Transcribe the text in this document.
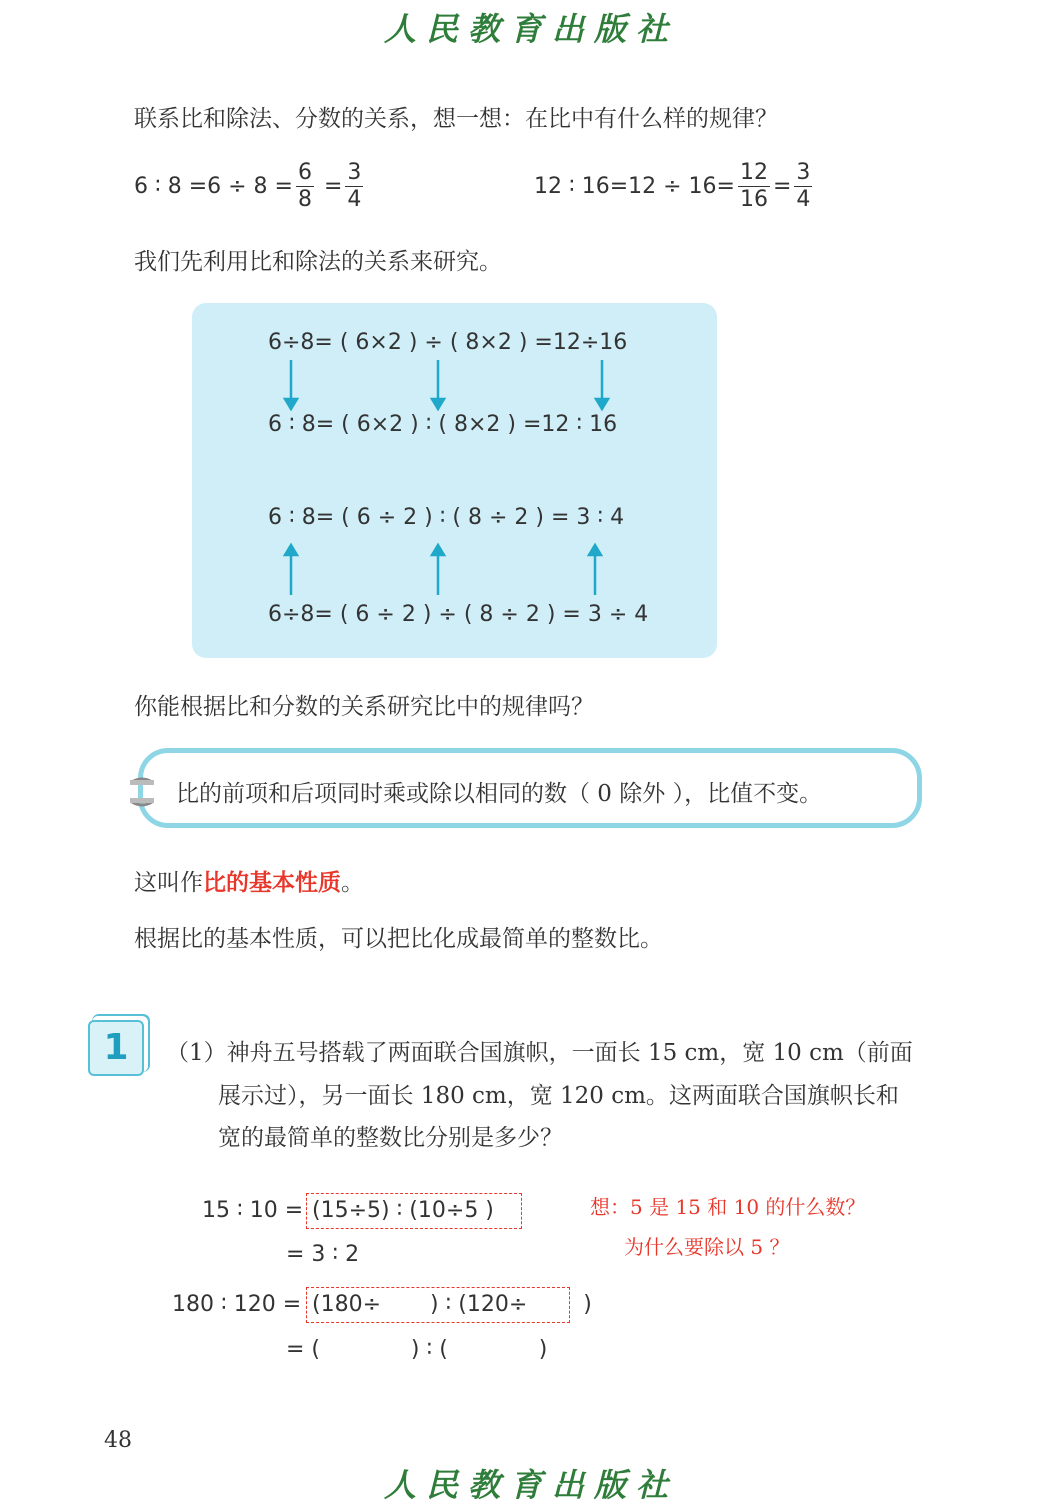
人民教育出版社
联系比和除法、分数的关系，想一想：在比中有什么样的规律？
6 ∶ $8 =6 \div 8 = \frac{6}{8} = \frac{3}{4}$	12 ∶ $16=12 \div 16= \frac{12}{16} = \frac{3}{4}$
我们先利用比和除法的关系来研究。
6÷8= ( 6×2 ) ÷ ( 8×2 ) =12÷16
6 ∶ 8= ( 6×2 ) ∶ ( 8×2 ) =12 ∶ 16
6 ∶ 8= ( 6 ÷ 2 ) ∶ ( 8 ÷ 2 ) = 3 ∶ 4
6÷8= ( 6 ÷ 2 ) ÷ ( 8 ÷ 2 ) = 3 ÷ 4
你能根据比和分数的关系研究比中的规律吗？
比的前项和后项同时乘或除以相同的数（ 0 除外 ），比值不变。
这叫作比的基本性质。
根据比的基本性质，可以把比化成最简单的整数比。
1	（1）神舟五号搭载了两面联合国旗帜，一面长 15 cm，宽 10 cm（前面
展示过），另一面长 180 cm，宽 120 cm。这两面联合国旗帜长和
宽的最简单的整数比分别是多少？
15 ∶ 10 = (15÷5) ∶ (10÷5 )
= 3 ∶ 2
180 ∶ 120 = (180÷       ) ∶ (120÷        )
= (             ) ∶ (             )
想：5 是 15 和 10 的什么数？
为什么要除以 5 ？
48
人民教育出版社
